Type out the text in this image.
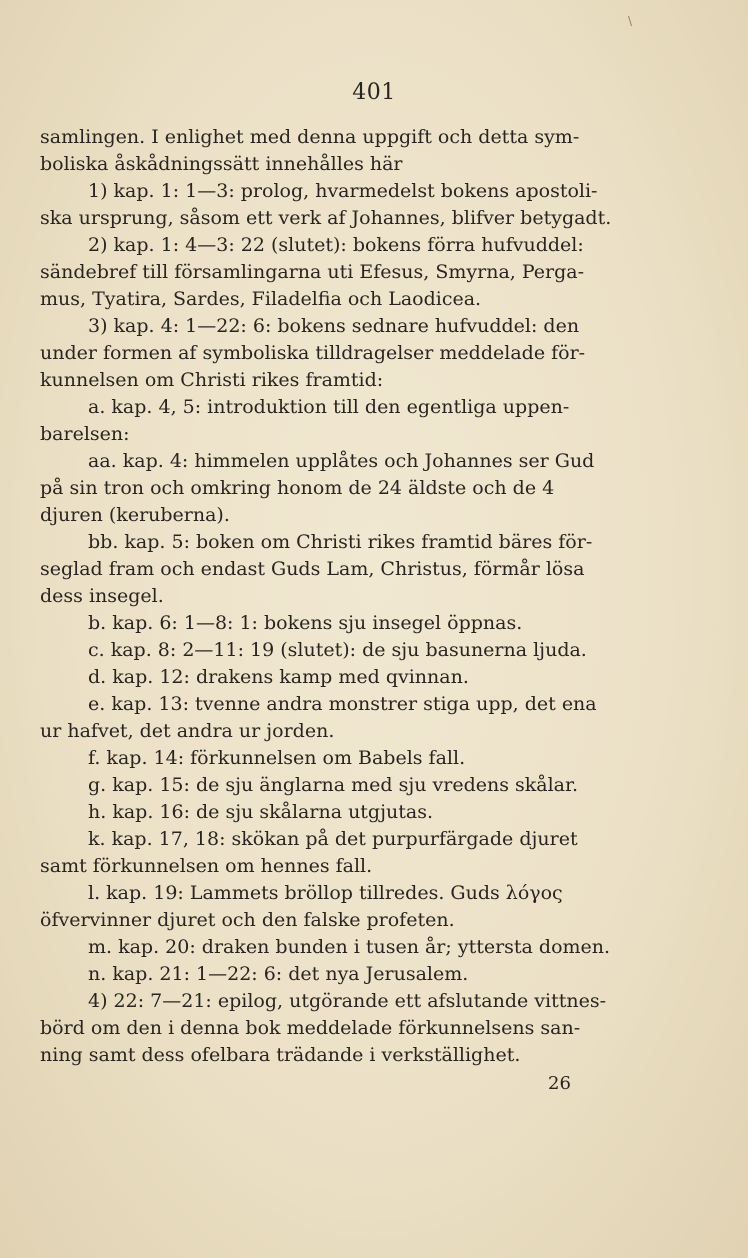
\
401
samlingen. I enlighet med denna uppgift och detta sym-
boliska åskådningssätt innehålles här
1) kap. 1: 1—3: prolog, hvarmedelst bokens apostoli-
ska ursprung, såsom ett verk af Johannes, blifver betygadt.
2) kap. 1: 4—3: 22 (slutet): bokens förra hufvuddel:
sändebref till församlingarna uti Efesus, Smyrna, Perga-
mus, Tyatira, Sardes, Filadelfia och Laodicea.
3) kap. 4: 1—22: 6: bokens sednare hufvuddel: den
under formen af symboliska tilldragelser meddelade för-
kunnelsen om Christi rikes framtid:
a. kap. 4, 5: introduktion till den egentliga uppen-
barelsen:
aa. kap. 4: himmelen upplåtes och Johannes ser Gud
på sin tron och omkring honom de 24 äldste och de 4
djuren (keruberna).
bb. kap. 5: boken om Christi rikes framtid bäres för-
seglad fram och endast Guds Lam, Christus, förmår lösa
dess insegel.
b. kap. 6: 1—8: 1: bokens sju insegel öppnas.
c. kap. 8: 2—11: 19 (slutet): de sju basunerna ljuda.
d. kap. 12: drakens kamp med qvinnan.
e. kap. 13: tvenne andra monstrer stiga upp, det ena
ur hafvet, det andra ur jorden.
f. kap. 14: förkunnelsen om Babels fall.
g. kap. 15: de sju änglarna med sju vredens skålar.
h. kap. 16: de sju skålarna utgjutas.
k. kap. 17, 18: skökan på det purpurfärgade djuret
samt förkunnelsen om hennes fall.
l. kap. 19: Lammets bröllop tillredes. Guds λόγος
öfvervinner djuret och den falske profeten.
m. kap. 20: draken bunden i tusen år; yttersta domen.
n. kap. 21: 1—22: 6: det nya Jerusalem.
4) 22: 7—21: epilog, utgörande ett afslutande vittnes-
börd om den i denna bok meddelade förkunnelsens san-
ning samt dess ofelbara trädande i verkställighet.
26
